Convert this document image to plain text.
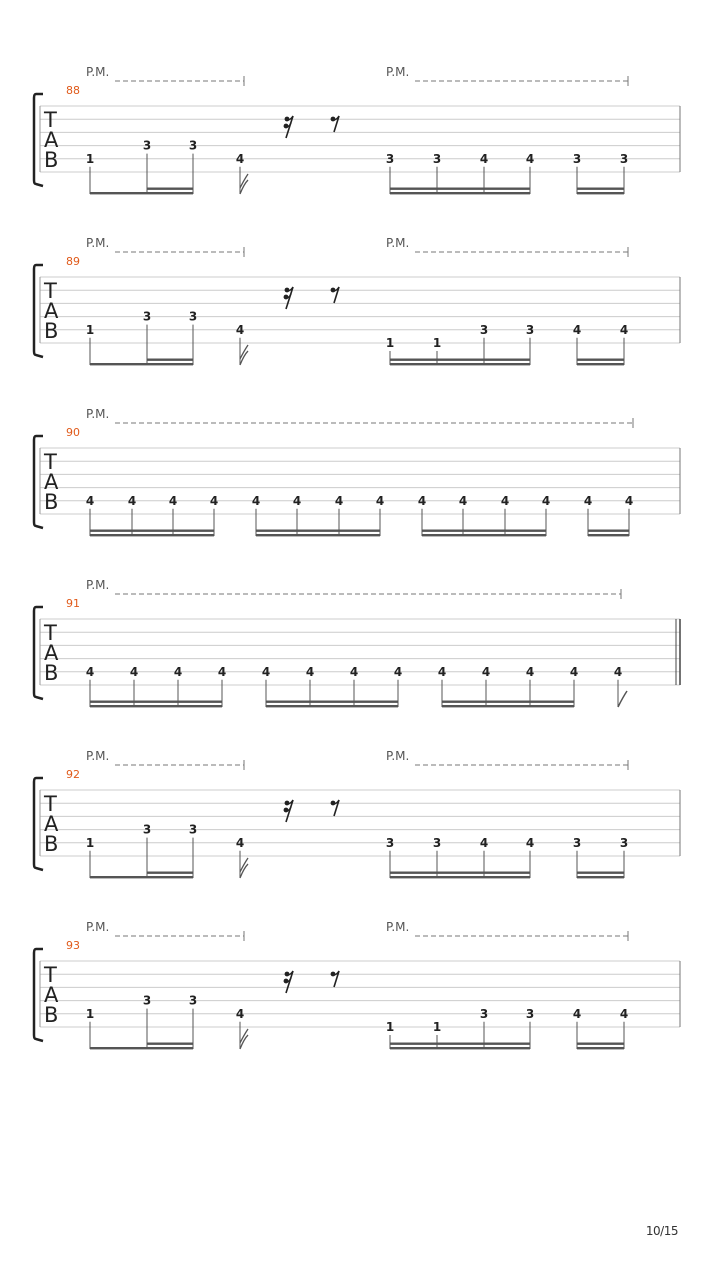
P.M.	P.M.
88
T
A
B 1
3	3
4	3	3	4	4	3	3
P.M.	P.M.
89
T
A
B 1
3	3
4
1	1
3	3	4	4
P.M.
90
T
A
B 4	4	4	4	4	4	4	4	4	4	4	4	4	4
P.M.
91
T
A
B 4	4	4	4	4	4	4	4	4	4	4	4	4
P.M.	P.M.
92
T
A
B 1
3	3
4	3	3	4	4	3	3
P.M.	P.M.
93
T
A
B 1
3	3
4
1	1
3	3	4	4
10/15
